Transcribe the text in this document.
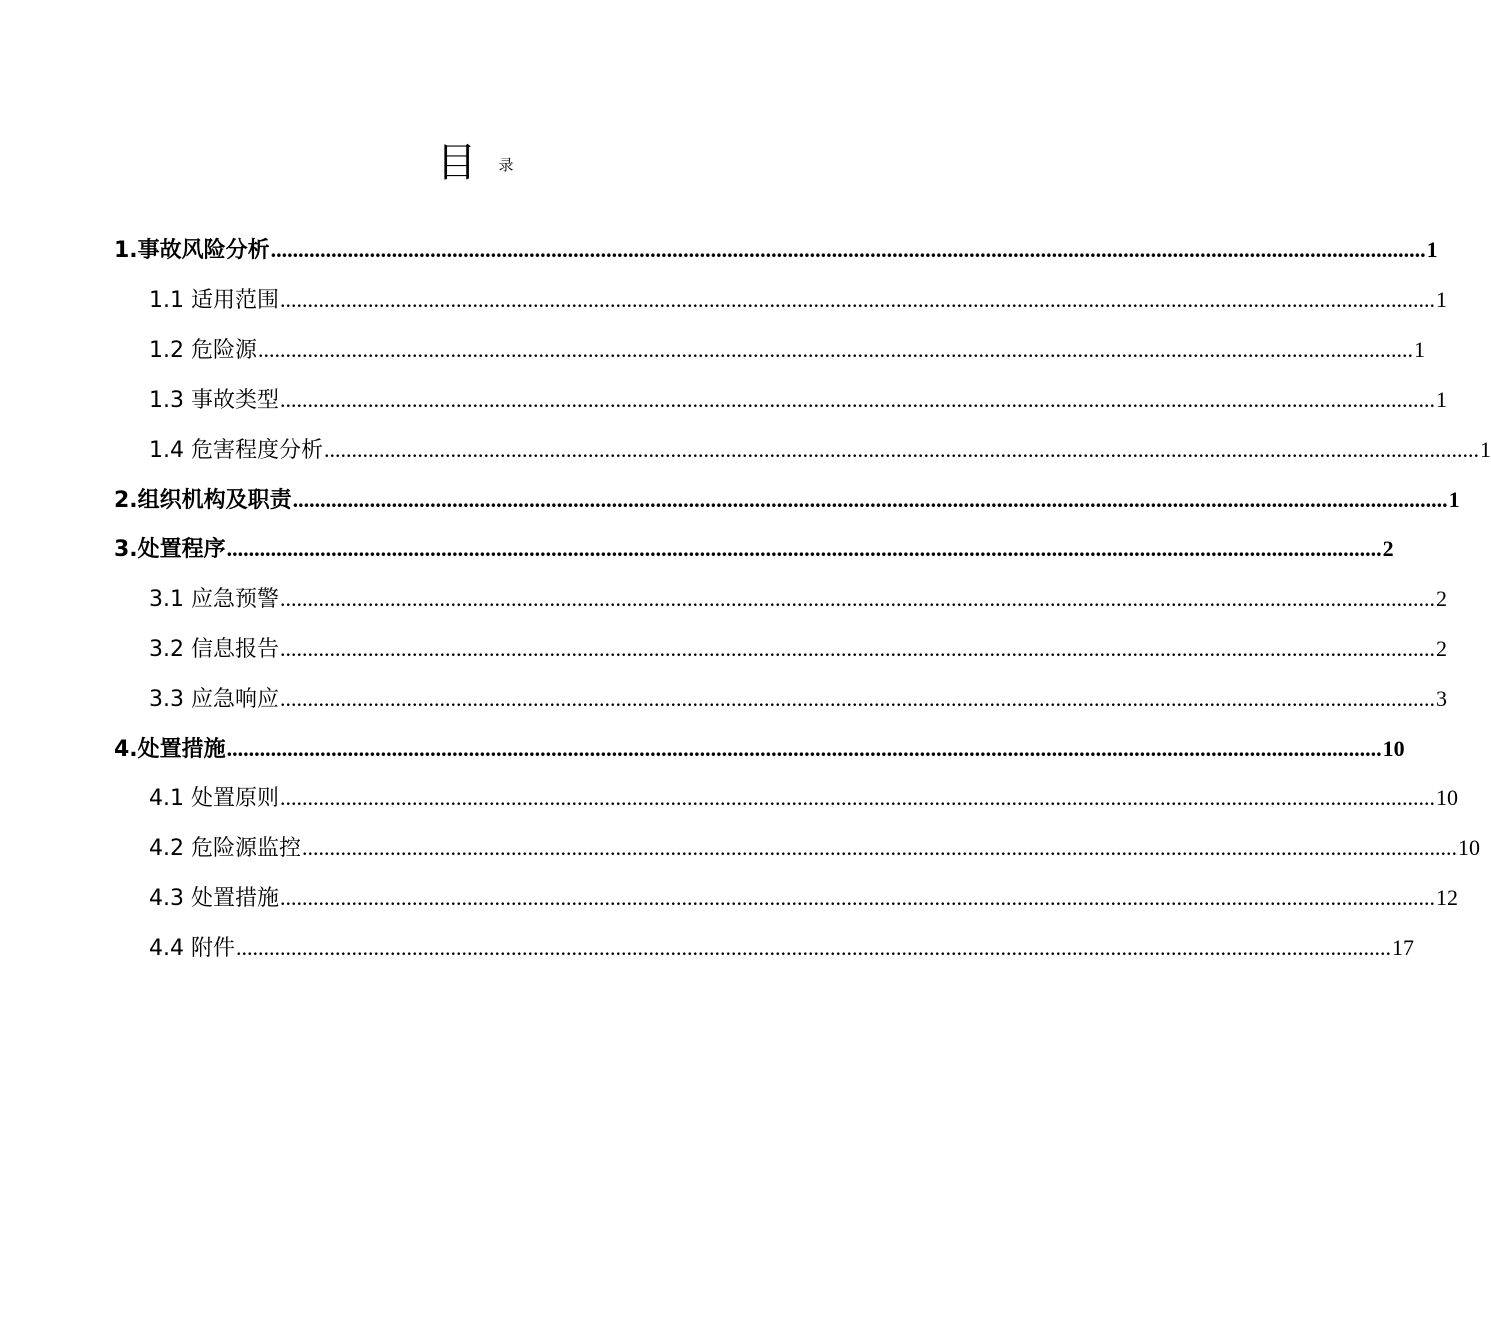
目 录
1.事故风险分析 .................................................................................................................................................................................................................. 1
1.1 适用范围 .................................................................................................................................................................................................................. 1
1.2 危险源 .................................................................................................................................................................................................................. 1
1.3 事故类型 .................................................................................................................................................................................................................. 1
1.4 危害程度分析 .................................................................................................................................................................................................................. 1
2.组织机构及职责 .................................................................................................................................................................................................................. 1
3.处置程序 .................................................................................................................................................................................................................. 2
3.1 应急预警 .................................................................................................................................................................................................................. 2
3.2 信息报告 .................................................................................................................................................................................................................. 2
3.3 应急响应 .................................................................................................................................................................................................................. 3
4.处置措施 .................................................................................................................................................................................................................. 10
4.1 处置原则 .................................................................................................................................................................................................................. 10
4.2 危险源监控 .................................................................................................................................................................................................................. 10
4.3 处置措施 .................................................................................................................................................................................................................. 12
4.4 附件 .................................................................................................................................................................................................................. 17
